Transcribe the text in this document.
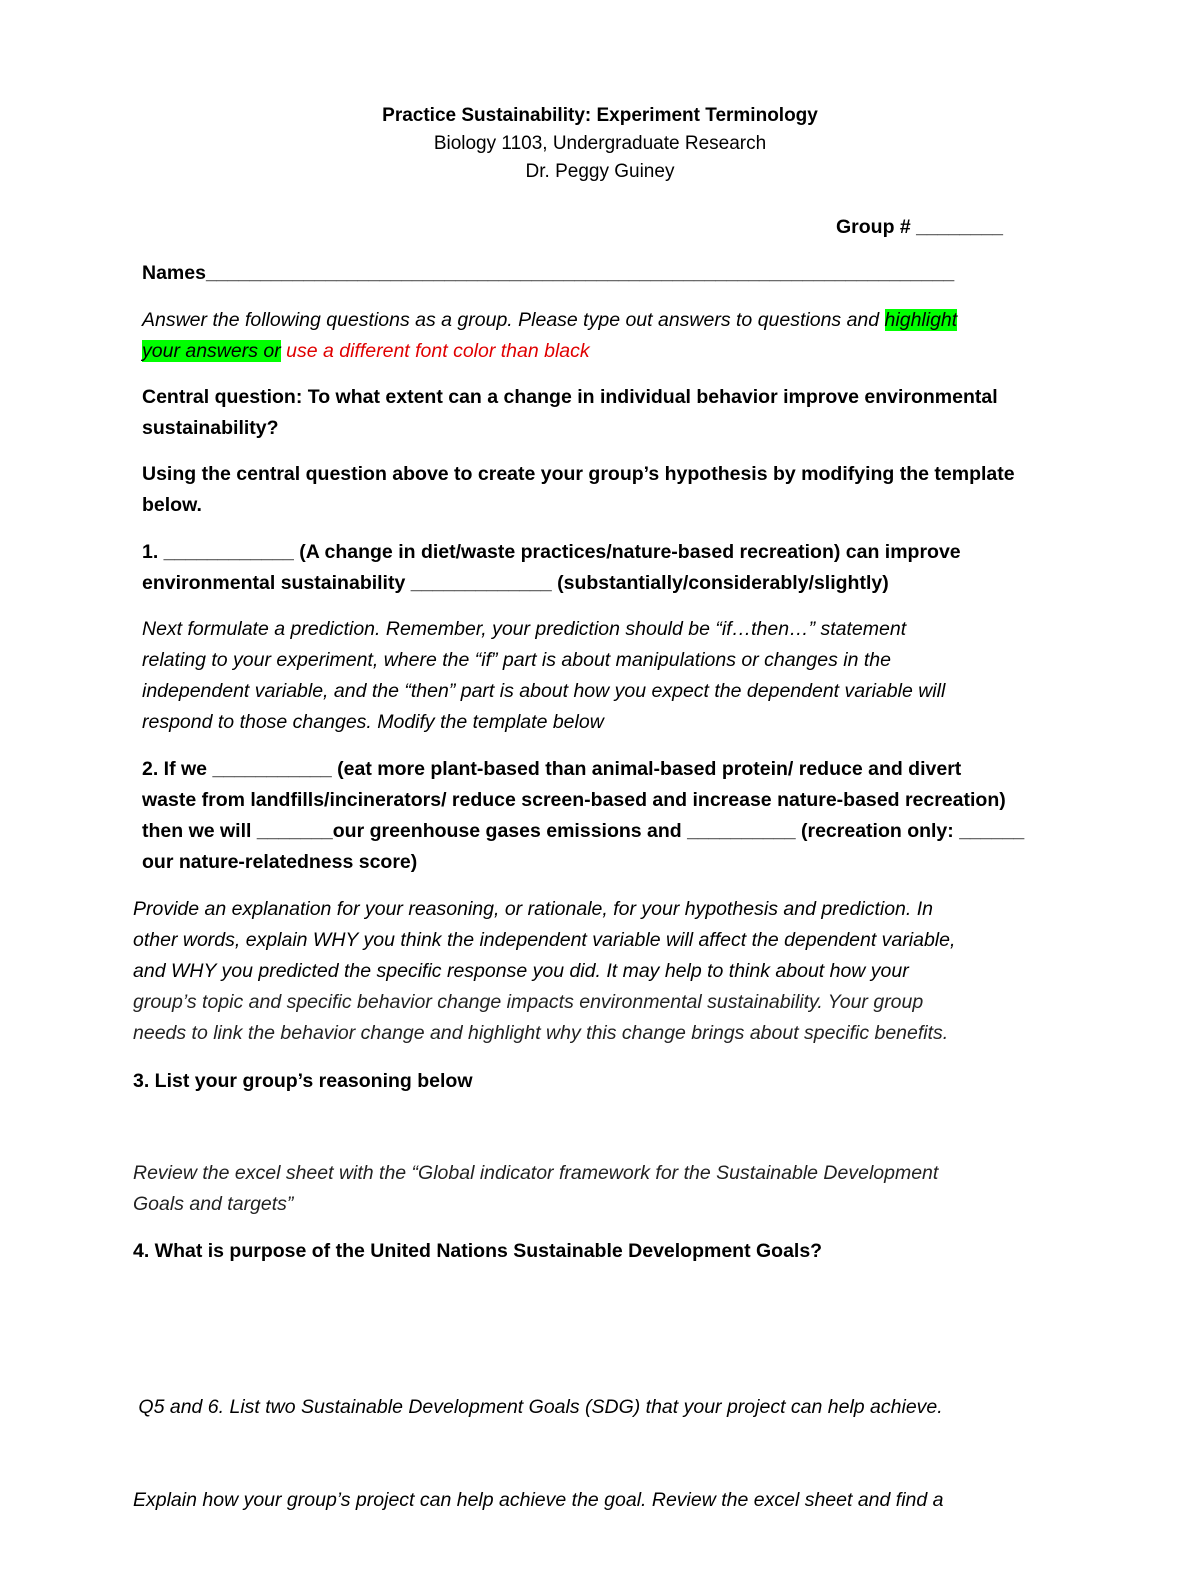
Practice Sustainability: Experiment Terminology
Biology 1103, Undergraduate Research
Dr. Peggy Guiney
Group # ________
Names_____________________________________________________________________
Answer the following questions as a group. Please type out answers to questions and highlight
your answers or use a different font color than black
Central question: To what extent can a change in individual behavior improve environmental
sustainability?
Using the central question above to create your group’s hypothesis by modifying the template
below.
1. ____________ (A change in diet/waste practices/nature-based recreation) can improve
environmental sustainability _____________ (substantially/considerably/slightly)
Next formulate a prediction. Remember, your prediction should be “if…then…” statement
relating to your experiment, where the “if” part is about manipulations or changes in the
independent variable, and the “then” part is about how you expect the dependent variable will
respond to those changes. Modify the template below
2. If we ___________ (eat more plant-based than animal-based protein/ reduce and divert
waste from landfills/incinerators/ reduce screen-based and increase nature-based recreation)
then we will _______our greenhouse gases emissions and __________ (recreation only: ______
our nature-relatedness score)
Provide an explanation for your reasoning, or rationale, for your hypothesis and prediction. In
other words, explain WHY you think the independent variable will affect the dependent variable,
and WHY you predicted the specific response you did. It may help to think about how your
group’s topic and specific behavior change impacts environmental sustainability. Your group
needs to link the behavior change and highlight why this change brings about specific benefits.
3. List your group’s reasoning below
Review the excel sheet with the “Global indicator framework for the Sustainable Development
Goals and targets”
4. What is purpose of the United Nations Sustainable Development Goals?

Q5 and 6. List two Sustainable Development Goals (SDG) that your project can help achieve.

Explain how your group’s project can help achieve the goal. Review the excel sheet and find a
